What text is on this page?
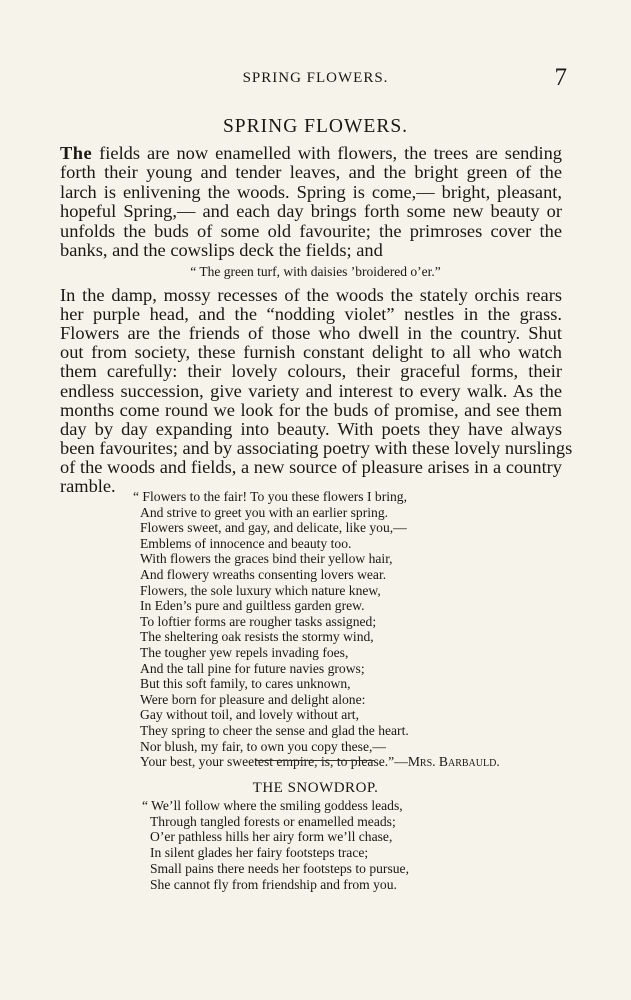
SPRING FLOWERS.	7
SPRING FLOWERS.
The fields are now enamelled with flowers, the trees are sending
forth their young and tender leaves, and the bright green of the
larch is enlivening the woods. Spring is come,— bright, pleasant,
hopeful Spring,— and each day brings forth some new beauty or
unfolds the buds of some old favourite; the primroses cover the
banks, and the cowslips deck the fields; and
“ The green turf, with daisies ’broidered o’er.”
In the damp, mossy recesses of the woods the stately orchis rears
her purple head, and the “nodding violet” nestles in the grass.
Flowers are the friends of those who dwell in the country. Shut
out from society, these furnish constant delight to all who watch
them carefully: their lovely colours, their graceful forms, their
endless succession, give variety and interest to every walk. As the
months come round we look for the buds of promise, and see them
day by day expanding into beauty. With poets they have always
been favourites; and by associating poetry with these lovely nurslings
of the woods and fields, a new source of pleasure arises in a country
ramble.
“ Flowers to the fair! To you these flowers I bring,
And strive to greet you with an earlier spring.
Flowers sweet, and gay, and delicate, like you,—
Emblems of innocence and beauty too.
With flowers the graces bind their yellow hair,
And flowery wreaths consenting lovers wear.
Flowers, the sole luxury which nature knew,
In Eden’s pure and guiltless garden grew.
To loftier forms are rougher tasks assigned;
The sheltering oak resists the stormy wind,
The tougher yew repels invading foes,
And the tall pine for future navies grows;
But this soft family, to cares unknown,
Were born for pleasure and delight alone:
Gay without toil, and lovely without art,
They spring to cheer the sense and glad the heart.
Nor blush, my fair, to own you copy these,—
Your best, your sweetest empire, is, to please.”—Mrs. Barbauld.
THE SNOWDROP.
“ We’ll follow where the smiling goddess leads,
Through tangled forests or enamelled meads;
O’er pathless hills her airy form we’ll chase,
In silent glades her fairy footsteps trace;
Small pains there needs her footsteps to pursue,
She cannot fly from friendship and from you.
